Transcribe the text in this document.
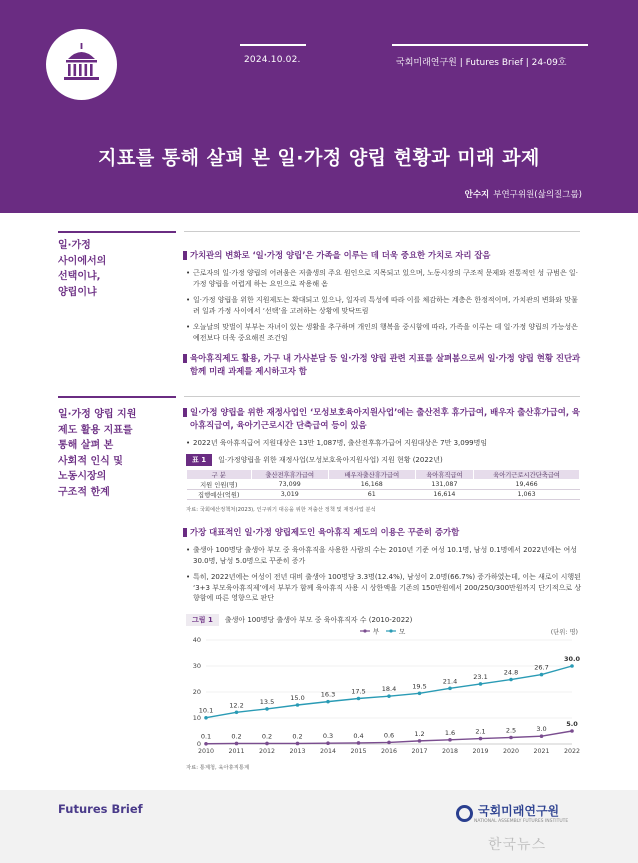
2024.10.02.	국회미래연구원 | Futures Brief | 24-09호
지표를 통해 살펴 본 일·가정 양립 현황과 미래 과제
안수지 부연구위원(삶의질그룹)
일·가정
사이에서의
선택이냐,
양립이냐
가치관의 변화로 ‘일·가정 양립’은 가족을 이루는 데 더욱 중요한 가치로 자리 잡음
• 근로자의 일·가정 양립의 어려움은 저출생의 주요 원인으로 지목되고 있으며, 노동시장의 구조적 문제와 전통적인 성 규범은 일·가정 양립을 어렵게 하는 요인으로 작용해 옴
• 일·가정 양립을 위한 지원제도는 확대되고 있으나, 일자리 특성에 따라 이를 체감하는 계층은 한정적이며, 가치관의 변화와 맞물려 일과 가정 사이에서 ‘선택’을 고려하는 상황에 맞닥뜨림
• 오늘날의 맞벌이 부부는 자녀이 있는 생활을 추구하며 개인의 행복을 중시함에 따라, 가족을 이루는 데 일·가정 양립의 가능성은 예전보다 더욱 중요해진 조건임
육아휴직제도 활용, 가구 내 가사분담 등 일·가정 양립 관련 지표를 살펴봄으로써 일·가정 양립 현황 진단과 함께 미래 과제를 제시하고자 함
일·가정 양립 지원
제도 활용 지표를
통해 살펴 본
사회적 인식 및
노동시장의
구조적 한계
일·가정 양립을 위한 재정사업인 ‘모성보호육아지원사업’에는 출산전후 휴가급여, 배우자 출산휴가급여, 육아휴직급여, 육아기근로시간 단축급여 등이 있음
• 2022년 육아휴직급여 지원대상은 13만 1,087명, 출산전후휴가급여 지원대상은 7만 3,099명임
표 1	일·가정양립을 위한 재정사업(모성보호육아지원사업) 지원 현황 (2022년)
구 분	출산전후휴가급여	배우자출산휴가급여	육아휴직급여	육아기근로시간단축급여
지원 인원(명)	73,099	16,168	131,087	19,466
집행예산(억원)	3,019	61	16,614	1,063
자료: 국회예산정책처(2023), 인구위기 대응을 위한 저출산 정책 및 재정사업 분석
가장 대표적인 일·가정 양립제도인 육아휴직 제도의 이용은 꾸준히 증가함
• 출생아 100명당 출생아 부모 중 육아휴직을 사용한 사람의 수는 2010년 기준 여성 10.1명, 남성 0.1명에서 2022년에는 여성 30.0명, 남성 5.0명으로 꾸준히 증가
• 특히, 2022년에는 여성이 전년 대비 출생아 100명당 3.3명(12.4%), 남성이 2.0명(66.7%) 증가하였는데, 이는 새로이 시행된 ‘3+3 부모육아휴직제’에서 부부가 함께 육아휴직 사용 시 상한액을 기존의 150만원에서 200/250/300만원까지 단기적으로 상향함에 따른 영향으로 판단
그림 1	출생아 100명당 출생아 부모 중 육아휴직자 수 (2010-2022)
0
10
20
30
40
2010 2011 2012 2013 2014 2015 2016 2017 2018 2019 2020 2021 2022
(단위: 명)
부	모
10.1
12.2 13.5 15.0 16.3 17.5 18.4 19.5
21.4
23.1
24.8
26.7
30.0
0.1	0.2	0.2	0.2	0.3	0.4	0.6	1.2	1.6	2.1	2.5	3.0
5.0
자료: 통계청, 육아휴직통계
Futures Brief	국회미래연구원
NATIONAL ASSEMBLY FUTURES INSTITUTE
한국뉴스
